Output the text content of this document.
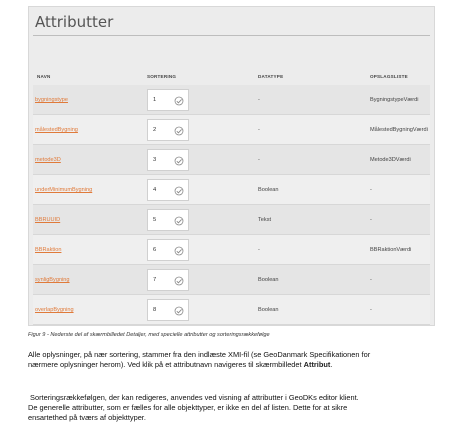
Attributter
NAVN	SORTERING	DATATYPE	OPSLAGSLISTE
bygningstype	1	-	BygningstypeVærdi
målestedBygning	2	-	MålestedBygningVærdi
metode3D	3	-	Metode3DVærdi
underMinimumBygning	4	Boolean	-
BBRUUID	5	Tekst	-
BBRaktion	6	-	BBRaktionVærdi
synligBygning	7	Boolean	-
overlapBygning	8	Boolean	-
Figur 9 - Nederste del af skærmbilledet Detaljer, med specielle attributter og sorteringsrækkefølge
Alle oplysninger, på nær sortering, stammer fra den indlæste XMI-fil (se GeoDanmark Specifikationen for
nærmere oplysninger herom). Ved klik på et attributnavn navigeres til skærmbilledet Attribut.
Sorteringsrækkefølgen, der kan redigeres, anvendes ved visning af attributter i GeoDKs editor klient.
De generelle attributter, som er fælles for alle objekttyper, er ikke en del af listen. Dette for at sikre
ensartethed på tværs af objekttyper.
